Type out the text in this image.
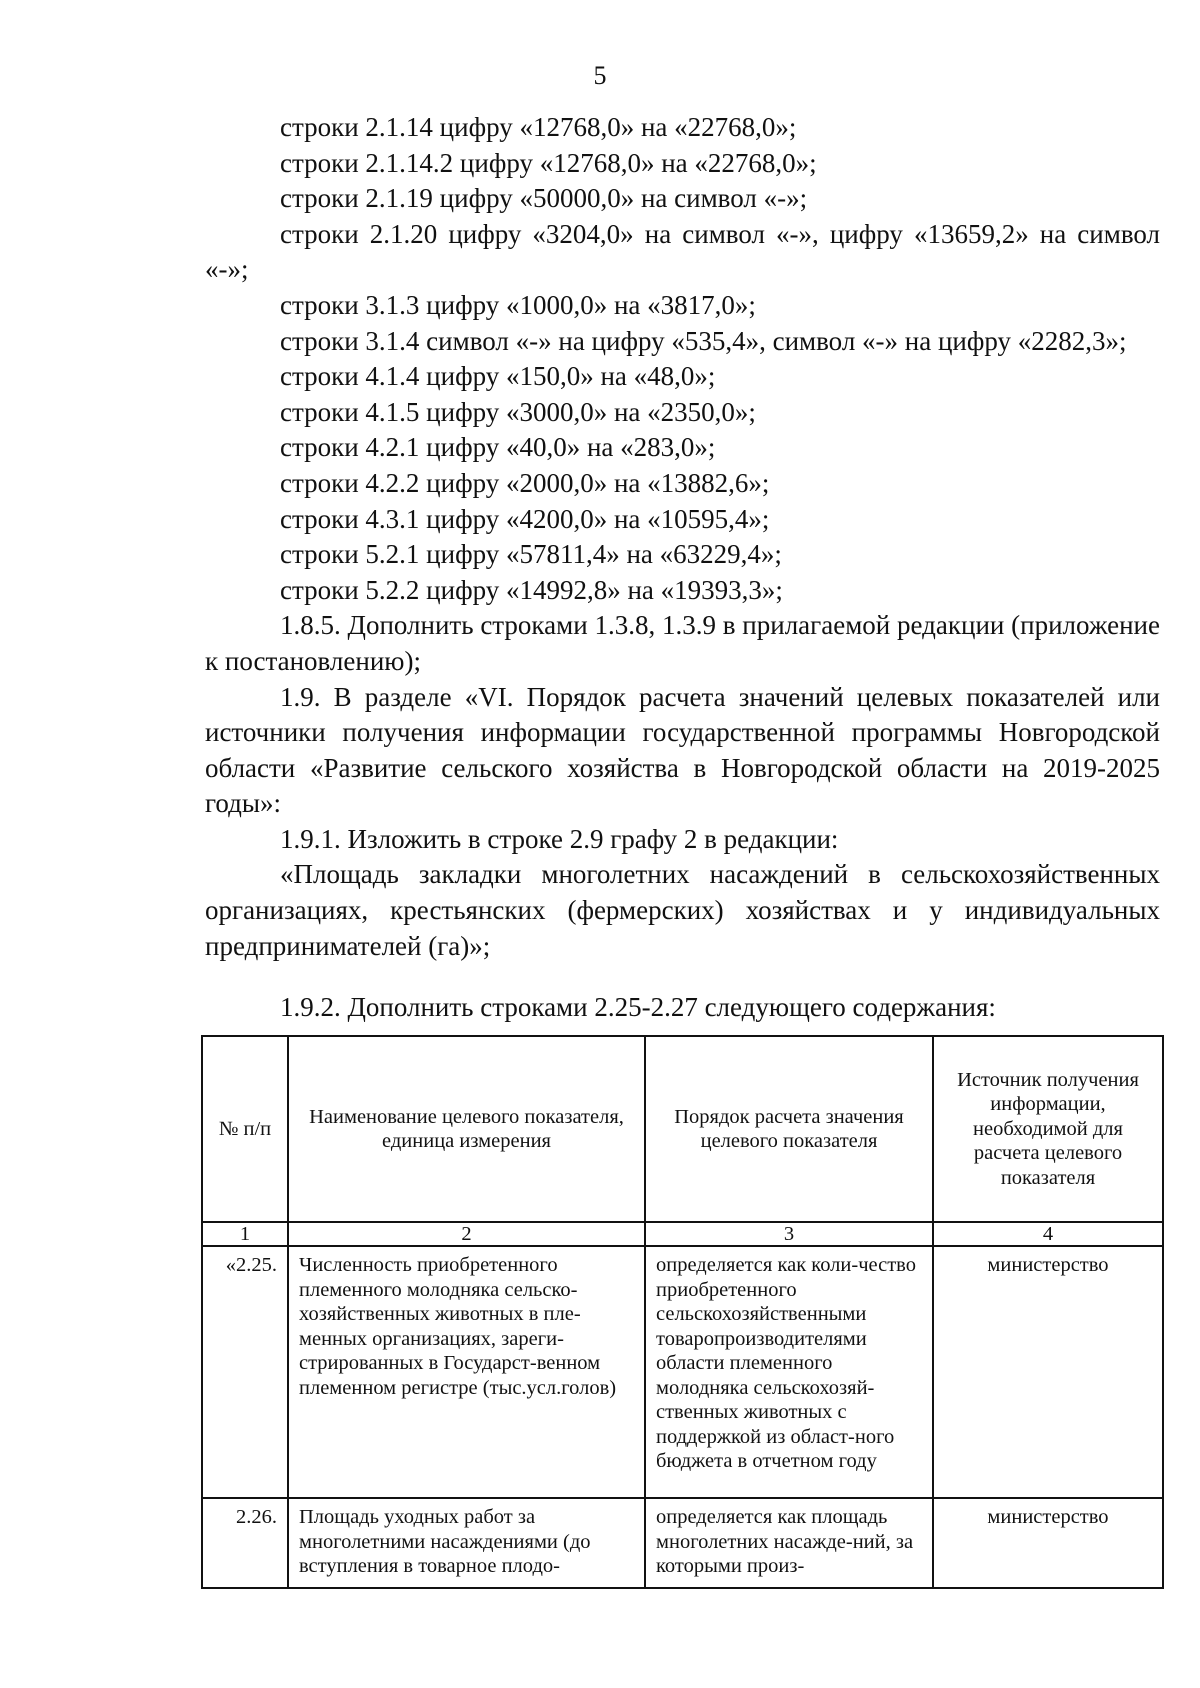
5

строки 2.1.14 цифру «12768,0» на «22768,0»;

строки 2.1.14.2 цифру «12768,0» на «22768,0»;

строки 2.1.19 цифру «50000,0» на символ «-»;

строки 2.1.20 цифру «3204,0» на символ «-», цифру «13659,2» на символ «-»;

строки 3.1.3 цифру «1000,0» на «3817,0»;

строки 3.1.4 символ «-» на цифру «535,4», символ «-» на цифру «2282,3»;

строки 4.1.4 цифру «150,0» на «48,0»;

строки 4.1.5 цифру «3000,0» на «2350,0»;

строки 4.2.1 цифру «40,0» на «283,0»;

строки 4.2.2 цифру «2000,0» на «13882,6»;

строки 4.3.1 цифру «4200,0» на «10595,4»;

строки 5.2.1 цифру «57811,4» на «63229,4»;

строки 5.2.2 цифру «14992,8» на «19393,3»;

1.8.5. Дополнить строками 1.3.8, 1.3.9 в прилагаемой редакции (приложение к постановлению);

1.9. В разделе «VI. Порядок расчета значений целевых показателей или источники получения информации государственной программы Новгородской области «Развитие сельского хозяйства в Новгородской области на 2019-2025 годы»:

1.9.1. Изложить в строке 2.9 графу 2 в редакции:

«Площадь закладки многолетних насаждений в сельскохозяйственных организациях, крестьянских (фермерских) хозяйствах и у индивидуальных предпринимателей (га)»;

1.9.2. Дополнить строками 2.25-2.27 следующего содержания:
№ п/п	Наименование целевого показателя, единица измерения	Порядок расчета значения целевого показателя	Источник получения информации, необходимой для расчета целевого показателя

1	2	3	4

«2.25.	Численность приобретенного племенного молодняка сельско-хозяйственных животных в пле-менных организациях, зареги-стрированных в Государст-венном племенном регистре (тыс.усл.голов)	определяется как коли-чество приобретенного сельскохозяйственными товаропроизводителями области племенного молодняка сельскохозяй-ственных животных с поддержкой из област-ного бюджета в отчетном году	министерство

2.26.	Площадь уходных работ за многолетними насаждениями (до вступления в товарное плодо-	определяется как площадь многолетних насажде-ний, за которыми произ-	министерство
